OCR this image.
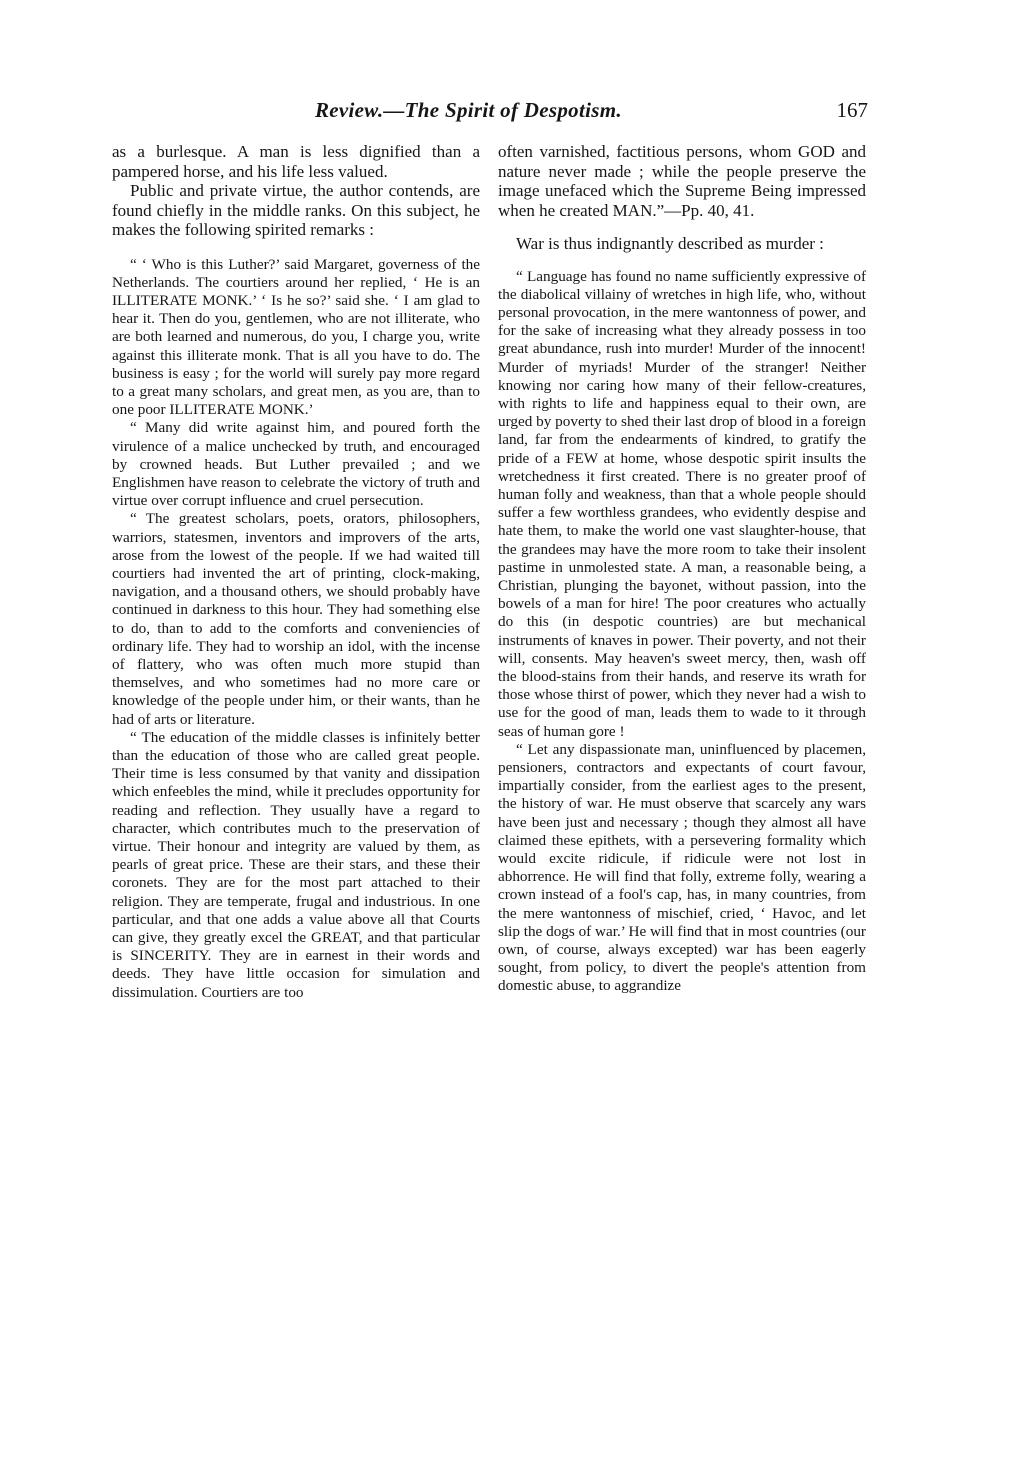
Review.—The Spirit of Despotism.	167

as a burlesque. A man is less dignified than a pampered horse, and his life less valued.

Public and private virtue, the author contends, are found chiefly in the middle ranks. On this subject, he makes the following spirited remarks :

“ ‘ Who is this Luther?’ said Margaret, governess of the Netherlands. The courtiers around her replied, ‘ He is an ILLITERATE MONK.’ ‘ Is he so?’ said she. ‘ I am glad to hear it. Then do you, gentlemen, who are not illiterate, who are both learned and numerous, do you, I charge you, write against this illiterate monk. That is all you have to do. The business is easy ; for the world will surely pay more regard to a great many scholars, and great men, as you are, than to one poor ILLITERATE MONK.’

“ Many did write against him, and poured forth the virulence of a malice unchecked by truth, and encouraged by crowned heads. But Luther prevailed ; and we Englishmen have reason to celebrate the victory of truth and virtue over corrupt influence and cruel persecution.

“ The greatest scholars, poets, orators, philosophers, warriors, statesmen, inventors and improvers of the arts, arose from the lowest of the people. If we had waited till courtiers had invented the art of printing, clock-making, navigation, and a thousand others, we should probably have continued in darkness to this hour. They had something else to do, than to add to the comforts and conveniencies of ordinary life. They had to worship an idol, with the incense of flattery, who was often much more stupid than themselves, and who sometimes had no more care or knowledge of the people under him, or their wants, than he had of arts or literature.

“ The education of the middle classes is infinitely better than the education of those who are called great people. Their time is less consumed by that vanity and dissipation which enfeebles the mind, while it precludes opportunity for reading and reflection. They usually have a regard to character, which contributes much to the preservation of virtue. Their honour and integrity are valued by them, as pearls of great price. These are their stars, and these their coronets. They are for the most part attached to their religion. They are temperate, frugal and industrious. In one particular, and that one adds a value above all that Courts can give, they greatly excel the GREAT, and that particular is SINCERITY. They are in earnest in their words and deeds. They have little occasion for simulation and dissimulation. Courtiers are too

often varnished, factitious persons, whom GOD and nature never made ; while the people preserve the image unefaced which the Supreme Being impressed when he created MAN.”—Pp. 40, 41.

War is thus indignantly described as murder :

“ Language has found no name sufficiently expressive of the diabolical villainy of wretches in high life, who, without personal provocation, in the mere wantonness of power, and for the sake of increasing what they already possess in too great abundance, rush into murder! Murder of the innocent! Murder of myriads! Murder of the stranger! Neither knowing nor caring how many of their fellow-creatures, with rights to life and happiness equal to their own, are urged by poverty to shed their last drop of blood in a foreign land, far from the endearments of kindred, to gratify the pride of a FEW at home, whose despotic spirit insults the wretchedness it first created. There is no greater proof of human folly and weakness, than that a whole people should suffer a few worthless grandees, who evidently despise and hate them, to make the world one vast slaughter-house, that the grandees may have the more room to take their insolent pastime in unmolested state. A man, a reasonable being, a Christian, plunging the bayonet, without passion, into the bowels of a man for hire! The poor creatures who actually do this (in despotic countries) are but mechanical instruments of knaves in power. Their poverty, and not their will, consents. May heaven's sweet mercy, then, wash off the blood-stains from their hands, and reserve its wrath for those whose thirst of power, which they never had a wish to use for the good of man, leads them to wade to it through seas of human gore !

“ Let any dispassionate man, uninfluenced by placemen, pensioners, contractors and expectants of court favour, impartially consider, from the earliest ages to the present, the history of war. He must observe that scarcely any wars have been just and necessary ; though they almost all have claimed these epithets, with a persevering formality which would excite ridicule, if ridicule were not lost in abhorrence. He will find that folly, extreme folly, wearing a crown instead of a fool's cap, has, in many countries, from the mere wantonness of mischief, cried, ‘ Havoc, and let slip the dogs of war.’ He will find that in most countries (our own, of course, always excepted) war has been eagerly sought, from policy, to divert the people's attention from domestic abuse, to aggrandize
